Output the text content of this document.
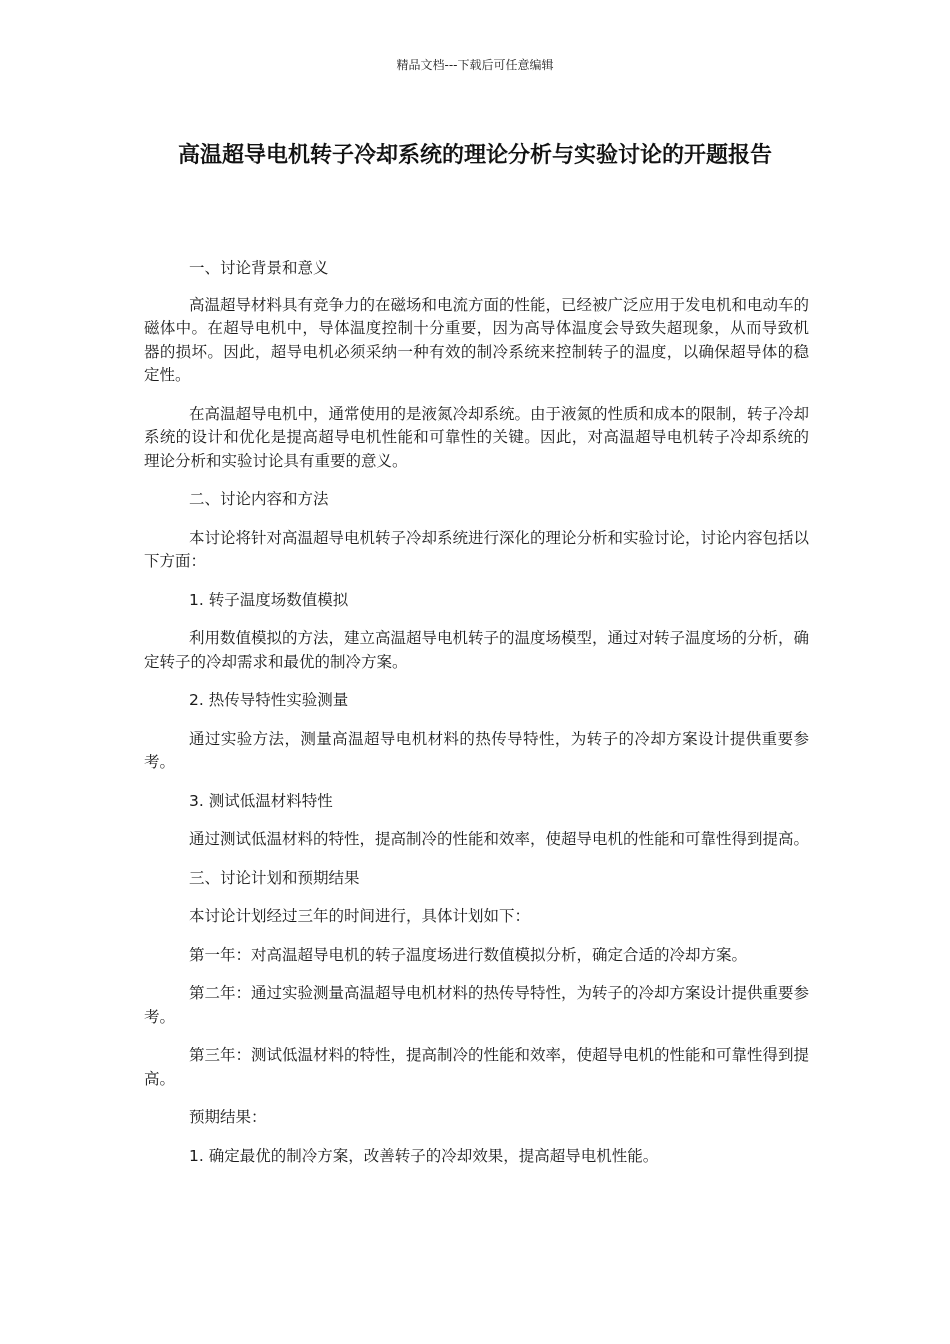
精品文档---下载后可任意编辑
高温超导电机转子冷却系统的理论分析与实验讨论的开题报告

一、讨论背景和意义

高温超导材料具有竞争力的在磁场和电流方面的性能，已经被广泛应用于发电机和电动车的磁体中。在超导电机中，导体温度控制十分重要，因为高导体温度会导致失超现象，从而导致机器的损坏。因此，超导电机必须采纳一种有效的制冷系统来控制转子的温度，以确保超导体的稳定性。

在高温超导电机中，通常使用的是液氮冷却系统。由于液氮的性质和成本的限制，转子冷却系统的设计和优化是提高超导电机性能和可靠性的关键。因此，对高温超导电机转子冷却系统的理论分析和实验讨论具有重要的意义。

二、讨论内容和方法

本讨论将针对高温超导电机转子冷却系统进行深化的理论分析和实验讨论，讨论内容包括以下方面：

1. 转子温度场数值模拟

利用数值模拟的方法，建立高温超导电机转子的温度场模型，通过对转子温度场的分析，确定转子的冷却需求和最优的制冷方案。

2. 热传导特性实验测量

通过实验方法，测量高温超导电机材料的热传导特性，为转子的冷却方案设计提供重要参考。

3. 测试低温材料特性

通过测试低温材料的特性，提高制冷的性能和效率，使超导电机的性能和可靠性得到提高。

三、讨论计划和预期结果

本讨论计划经过三年的时间进行，具体计划如下：

第一年：对高温超导电机的转子温度场进行数值模拟分析，确定合适的冷却方案。

第二年：通过实验测量高温超导电机材料的热传导特性，为转子的冷却方案设计提供重要参考。

第三年：测试低温材料的特性，提高制冷的性能和效率，使超导电机的性能和可靠性得到提高。

预期结果：

1. 确定最优的制冷方案，改善转子的冷却效果，提高超导电机性能。
